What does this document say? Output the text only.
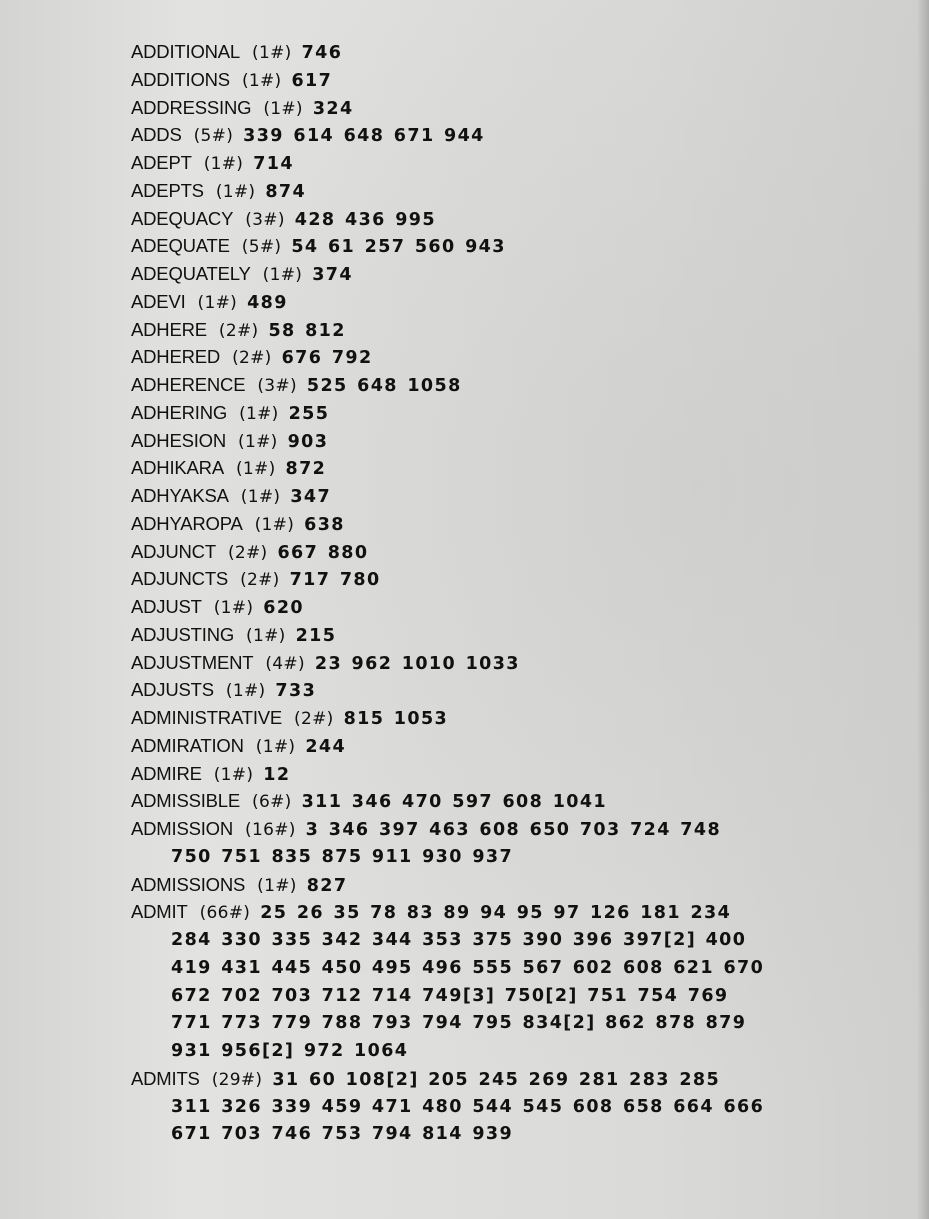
ADDITIONAL (1#) 746
ADDITIONS (1#) 617
ADDRESSING (1#) 324
ADDS (5#) 339 614 648 671 944
ADEPT (1#) 714
ADEPTS (1#) 874
ADEQUACY (3#) 428 436 995
ADEQUATE (5#) 54 61 257 560 943
ADEQUATELY (1#) 374
ADEVI (1#) 489
ADHERE (2#) 58 812
ADHERED (2#) 676 792
ADHERENCE (3#) 525 648 1058
ADHERING (1#) 255
ADHESION (1#) 903
ADHIKARA (1#) 872
ADHYAKSA (1#) 347
ADHYAROPA (1#) 638
ADJUNCT (2#) 667 880
ADJUNCTS (2#) 717 780
ADJUST (1#) 620
ADJUSTING (1#) 215
ADJUSTMENT (4#) 23 962 1010 1033
ADJUSTS (1#) 733
ADMINISTRATIVE (2#) 815 1053
ADMIRATION (1#) 244
ADMIRE (1#) 12
ADMISSIBLE (6#) 311 346 470 597 608 1041
ADMISSION (16#) 3 346 397 463 608 650 703 724 748
750 751 835 875 911 930 937
ADMISSIONS (1#) 827
ADMIT (66#) 25 26 35 78 83 89 94 95 97 126 181 234
284 330 335 342 344 353 375 390 396 397[2] 400
419 431 445 450 495 496 555 567 602 608 621 670
672 702 703 712 714 749[3] 750[2] 751 754 769
771 773 779 788 793 794 795 834[2] 862 878 879
931 956[2] 972 1064
ADMITS (29#) 31 60 108[2] 205 245 269 281 283 285
311 326 339 459 471 480 544 545 608 658 664 666
671 703 746 753 794 814 939
